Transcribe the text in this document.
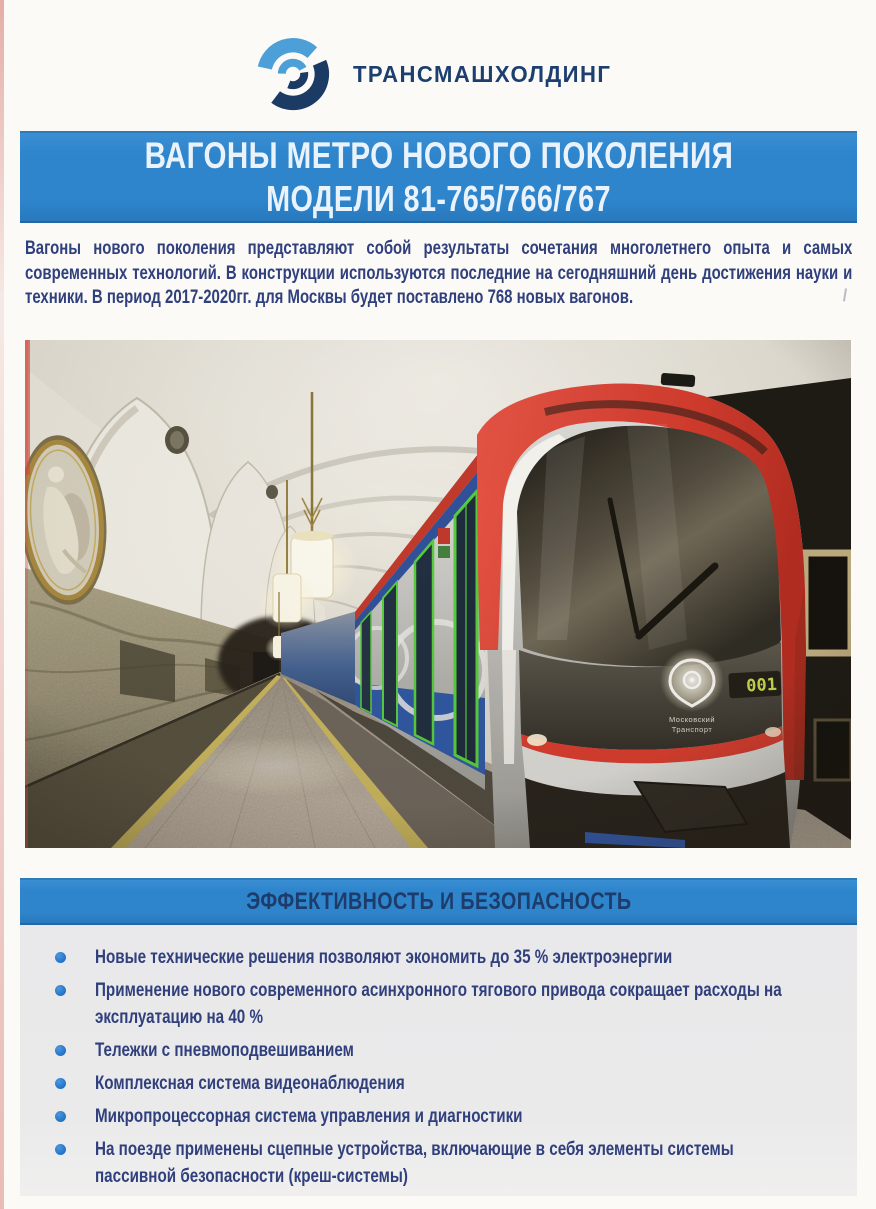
ТРАНСМАШХОЛДИНГ
ВАГОНЫ МЕТРО НОВОГО ПОКОЛЕНИЯ
МОДЕЛИ 81-765/766/767
Вагоны нового поколения представляют собой результаты сочетания многолетнего опыта и самых современных технологий. В конструкции используются последние на сегодняшний день достижения науки и техники. В период 2017-2020гг. для Москвы будет поставлено 768 новых вагонов.
ЭФФЕКТИВНОСТЬ И БЕЗОПАСНОСТЬ
Новые технические решения позволяют экономить до 35 % электроэнергии
Применение нового современного асинхронного тягового привода сокращает расходы на эксплуатацию на 40 %
Тележки с пневмоподвешиванием
Комплексная система видеонаблюдения
Микропроцессорная система управления и диагностики
На поезде применены сцепные устройства, включающие в себя элементы системы пассивной безопасности (креш-системы)
